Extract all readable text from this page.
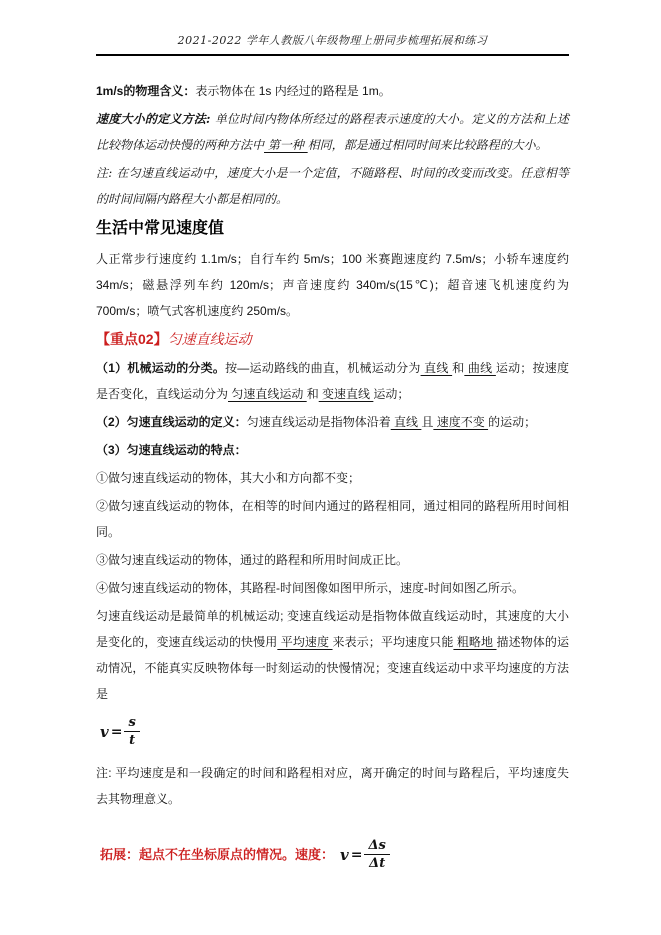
2021-2022 学年人教版八年级物理上册同步梳理拓展和练习

1m/s的物理含义：表示物体在 1s 内经过的路程是 1m。

速度大小的定义方法: 单位时间内物体所经过的路程表示速度的大小。定义的方法和上述比较物体运动快慢的两种方法中 第一种 相同，都是通过相同时间来比较路程的大小。

注: 在匀速直线运动中，速度大小是一个定值，不随路程、时间的改变而改变。任意相等的时间间隔内路程大小都是相同的。

生活中常见速度值

人正常步行速度约 1.1m/s；自行车约 5m/s；100 米赛跑速度约 7.5m/s；小轿车速度约 34m/s；磁悬浮列车约 120m/s；声音速度约 340m/s(15℃)；超音速飞机速度约为 700m/s；喷气式客机速度约 250m/s。

【重点02】匀速直线运动

（1）机械运动的分类。按—运动路线的曲直，机械运动分为 直线 和 曲线 运动；按速度是否变化，直线运动分为 匀速直线运动 和 变速直线 运动；

（2）匀速直线运动的定义：匀速直线运动是指物体沿着 直线 且 速度不变 的运动；

（3）匀速直线运动的特点：

①做匀速直线运动的物体，其大小和方向都不变；

②做匀速直线运动的物体，在相等的时间内通过的路程相同，通过相同的路程所用时间相同。

③做匀速直线运动的物体，通过的路程和所用时间成正比。

④做匀速直线运动的物体，其路程-时间图像如图甲所示，速度-时间如图乙所示。

匀速直线运动是最简单的机械运动; 变速直线运动是指物体做直线运动时，其速度的大小是变化的，变速直线运动的快慢用 平均速度 来表示；平均速度只能 粗略地 描述物体的运动情况，不能真实反映物体每一时刻运动的快慢情况；变速直线运动中求平均速度的方法是

$v = \frac{s}{t}$

注: 平均速度是和一段确定的时间和路程相对应，离开确定的时间与路程后，平均速度失去其物理意义。

拓展：起点不在坐标原点的情况。速度： $v = \frac{\Delta s}{\Delta t}$
